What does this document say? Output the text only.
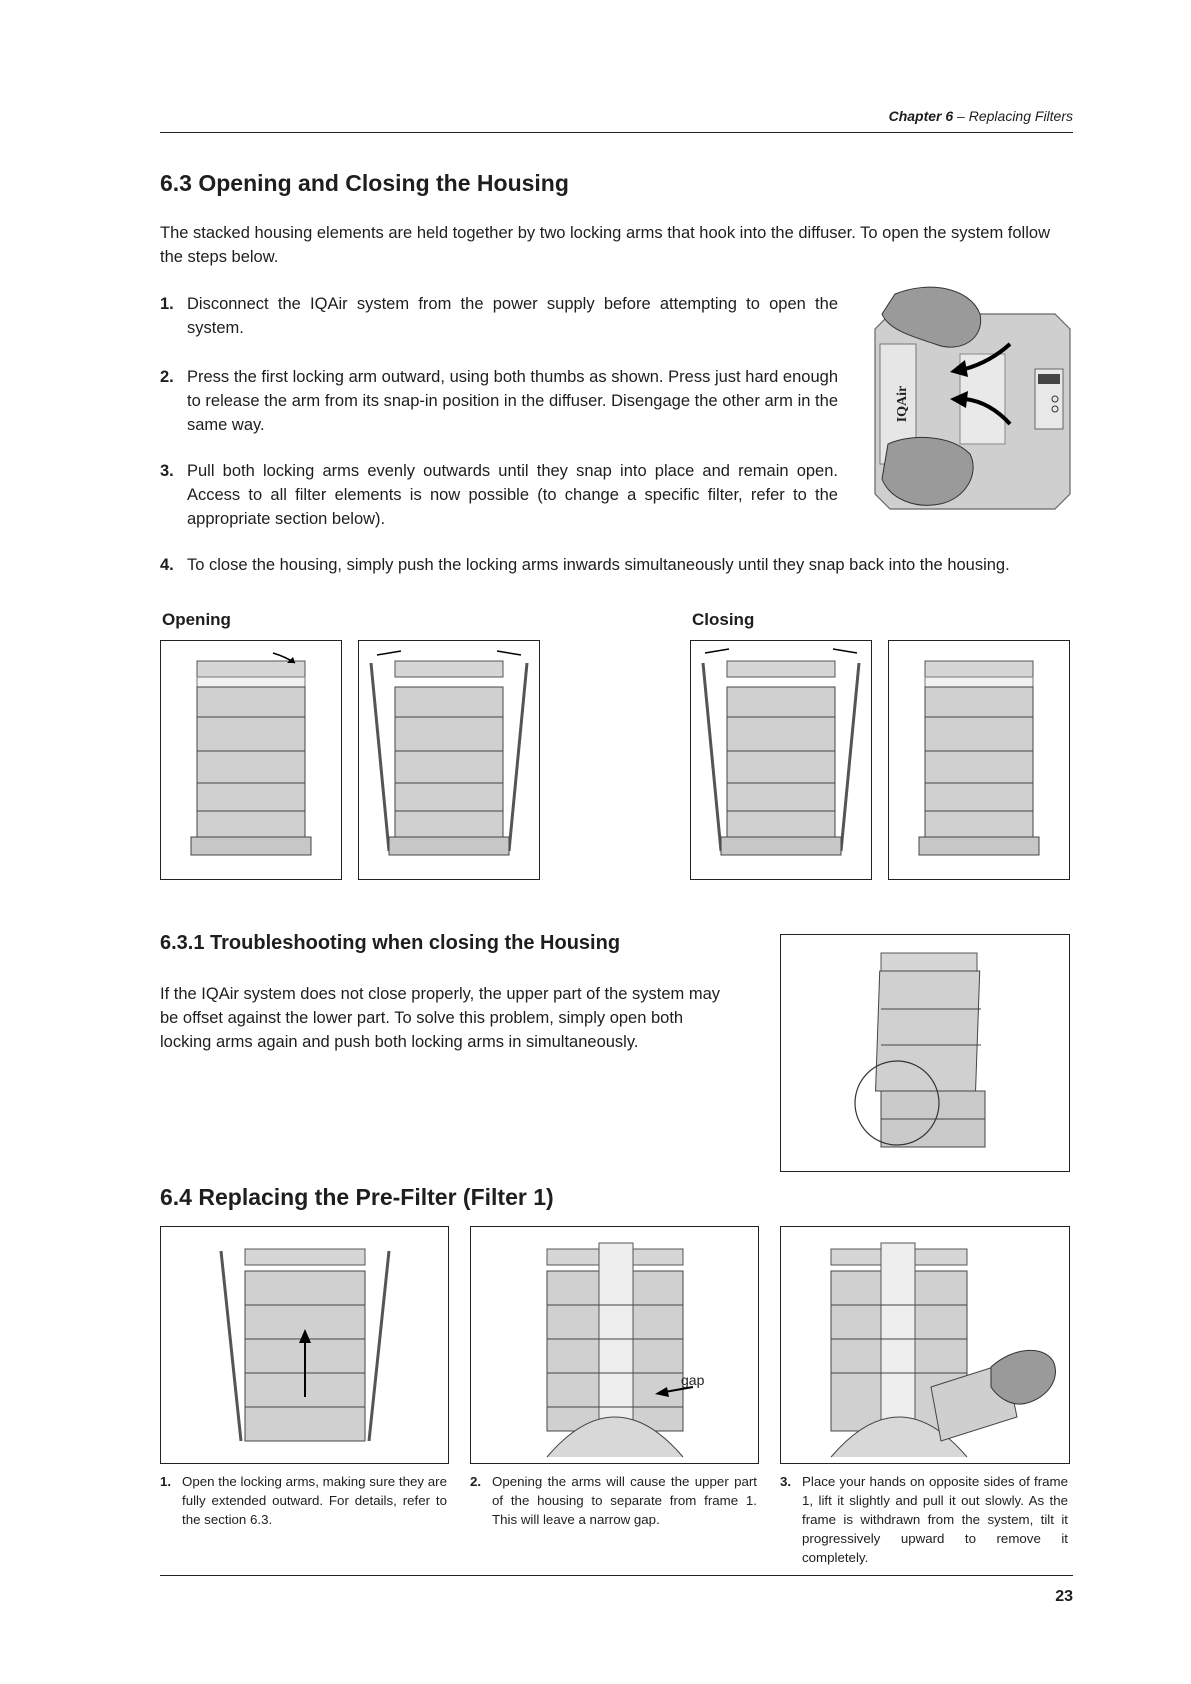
Chapter 6 – Replacing Filters
6.3 Opening and Closing the Housing
The stacked housing elements are held together by two locking arms that hook into the diffuser. To open the system follow the steps below.
1. Disconnect the IQAir system from the power supply before attempting to open the system.
2. Press the first locking arm outward, using both thumbs as shown. Press just hard enough to release the arm from its snap-in position in the diffuser. Disengage the other arm in the same way.
3. Pull both locking arms evenly outwards until they snap into place and remain open. Access to all filter elements is now possible (to change a specific filter, refer to the appropriate section below).
4. To close the housing, simply push the locking arms inwards simultaneously until they snap back into the housing.
IQAir
Opening	Closing
6.3.1 Troubleshooting when closing the Housing
If the IQAir system does not close properly, the upper part of the system may be offset against the lower part. To solve this problem, simply open both locking arms again and push both locking arms in simultaneously.
6.4 Replacing the Pre-Filter (Filter 1)
gap
1. Open the locking arms, making sure they are fully extended outward. For details, refer to the section 6.3.
2. Opening the arms will cause the upper part of the housing to separate from frame 1. This will leave a narrow gap.
3. Place your hands on opposite sides of frame 1, lift it slightly and pull it out slowly. As the frame is withdrawn from the system, tilt it progressively upward to remove it completely.
23
